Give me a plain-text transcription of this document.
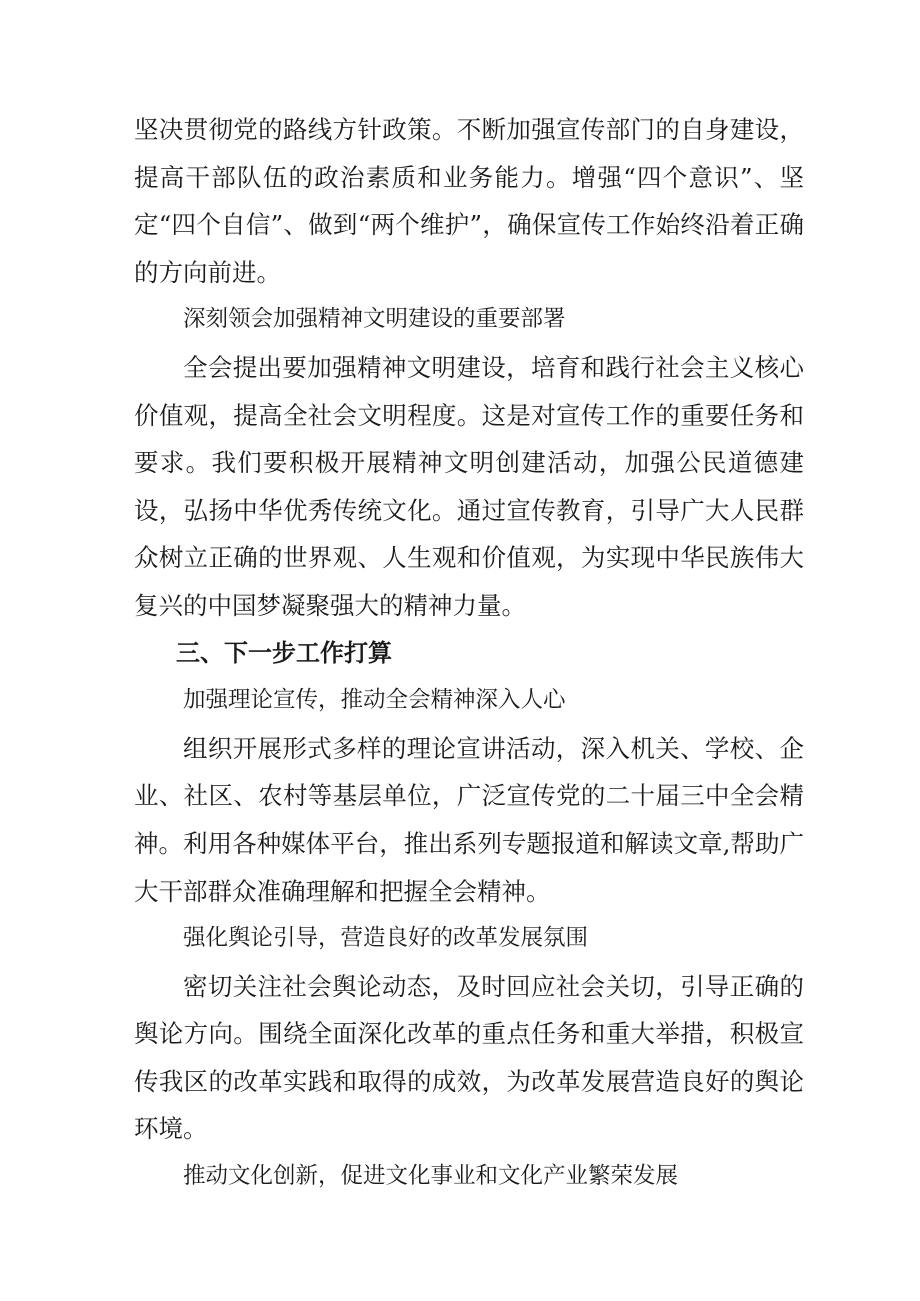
坚决贯彻党的路线方针政策。不断加强宣传部门的自身建设，提高干部队伍的政治素质和业务能力。增强“四个意识”、坚定“四个自信”、做到“两个维护”，确保宣传工作始终沿着正确的方向前进。

深刻领会加强精神文明建设的重要部署

全会提出要加强精神文明建设，培育和践行社会主义核心价值观，提高全社会文明程度。这是对宣传工作的重要任务和要求。我们要积极开展精神文明创建活动，加强公民道德建设，弘扬中华优秀传统文化。通过宣传教育，引导广大人民群众树立正确的世界观、人生观和价值观，为实现中华民族伟大复兴的中国梦凝聚强大的精神力量。

三、下一步工作打算

加强理论宣传，推动全会精神深入人心

组织开展形式多样的理论宣讲活动，深入机关、学校、企业、社区、农村等基层单位，广泛宣传党的二十届三中全会精神。利用各种媒体平台，推出系列专题报道和解读文章,帮助广大干部群众准确理解和把握全会精神。

强化舆论引导，营造良好的改革发展氛围

密切关注社会舆论动态，及时回应社会关切，引导正确的舆论方向。围绕全面深化改革的重点任务和重大举措，积极宣传我区的改革实践和取得的成效，为改革发展营造良好的舆论环境。

推动文化创新，促进文化事业和文化产业繁荣发展
